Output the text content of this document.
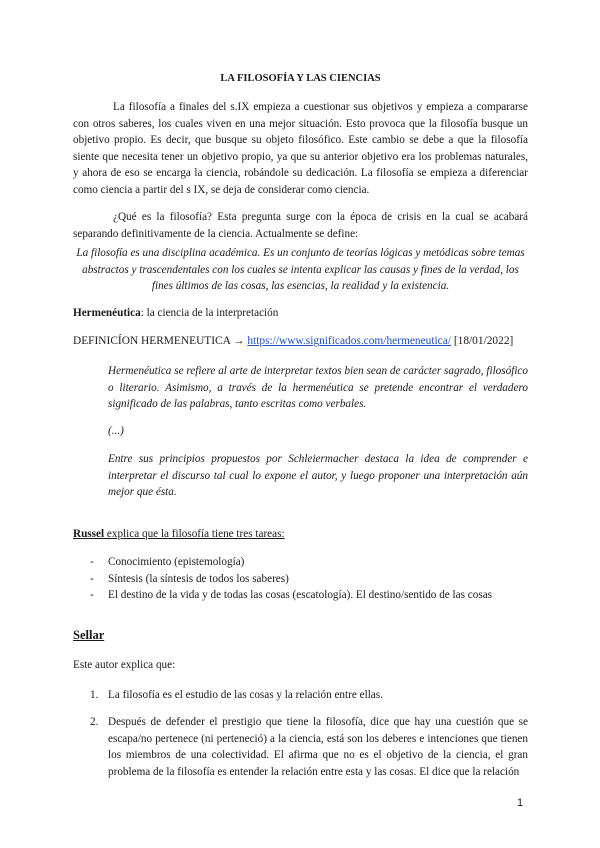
LA FILOSOFÍA Y LAS CIENCIAS

La filosofía a finales del s.IX empieza a cuestionar sus objetivos y empieza a compararse con otros saberes, los cuales viven en una mejor situación. Esto provoca que la filosofía busque un objetivo propio. Es decir, que busque su objeto filosófico. Este cambio se debe a que la filosofía siente que necesita tener un objetivo propio, ya que su anterior objetivo era los problemas naturales, y ahora de eso se encarga la ciencia, robándole su dedicación. La filosofía se empieza a diferenciar como ciencia a partir del s IX, se deja de considerar como ciencia.

¿Qué es la filosofía? Esta pregunta surge con la época de crisis en la cual se acabará separando definitivamente de la ciencia. Actualmente se define:

La filosofía es una disciplina académica. Es un conjunto de teorías lógicas y metódicas sobre temas abstractos y trascendentales con los cuales se intenta explicar las causas y fines de la verdad, los fines últimos de las cosas, las esencias, la realidad y la existencia.

Hermenéutica: la ciencia de la interpretación

DEFINICÍON HERMENEUTICA → https://www.significados.com/hermeneutica/ [18/01/2022]

Hermenéutica se refiere al arte de interpretar textos bien sean de carácter sagrado, filosófico o literario. Asimismo, a través de la hermenéutica se pretende encontrar el verdadero significado de las palabras, tanto escritas como verbales.

(...)

Entre sus principios propuestos por Schleiermacher destaca la idea de comprender e interpretar el discurso tal cual lo expone el autor, y luego proponer una interpretación aún mejor que ésta.

Russel explica que la filosofía tiene tres tareas:

- Conocimiento (epistemología)
- Síntesis (la síntesis de todos los saberes)
- El destino de la vida y de todas las cosas (escatología). El destino/sentido de las cosas

Sellar

Este autor explica que:

1. La filosofía es el estudio de las cosas y la relación entre ellas.
2. Después de defender el prestigio que tiene la filosofía, dice que hay una cuestión que se escapa/no pertenece (ni perteneció) a la ciencia, está son los deberes e intenciones que tienen los miembros de una colectividad. El afirma que no es el objetivo de la ciencia, el gran problema de la filosofía es entender la relación entre esta y las cosas. El dice que la relación
1
